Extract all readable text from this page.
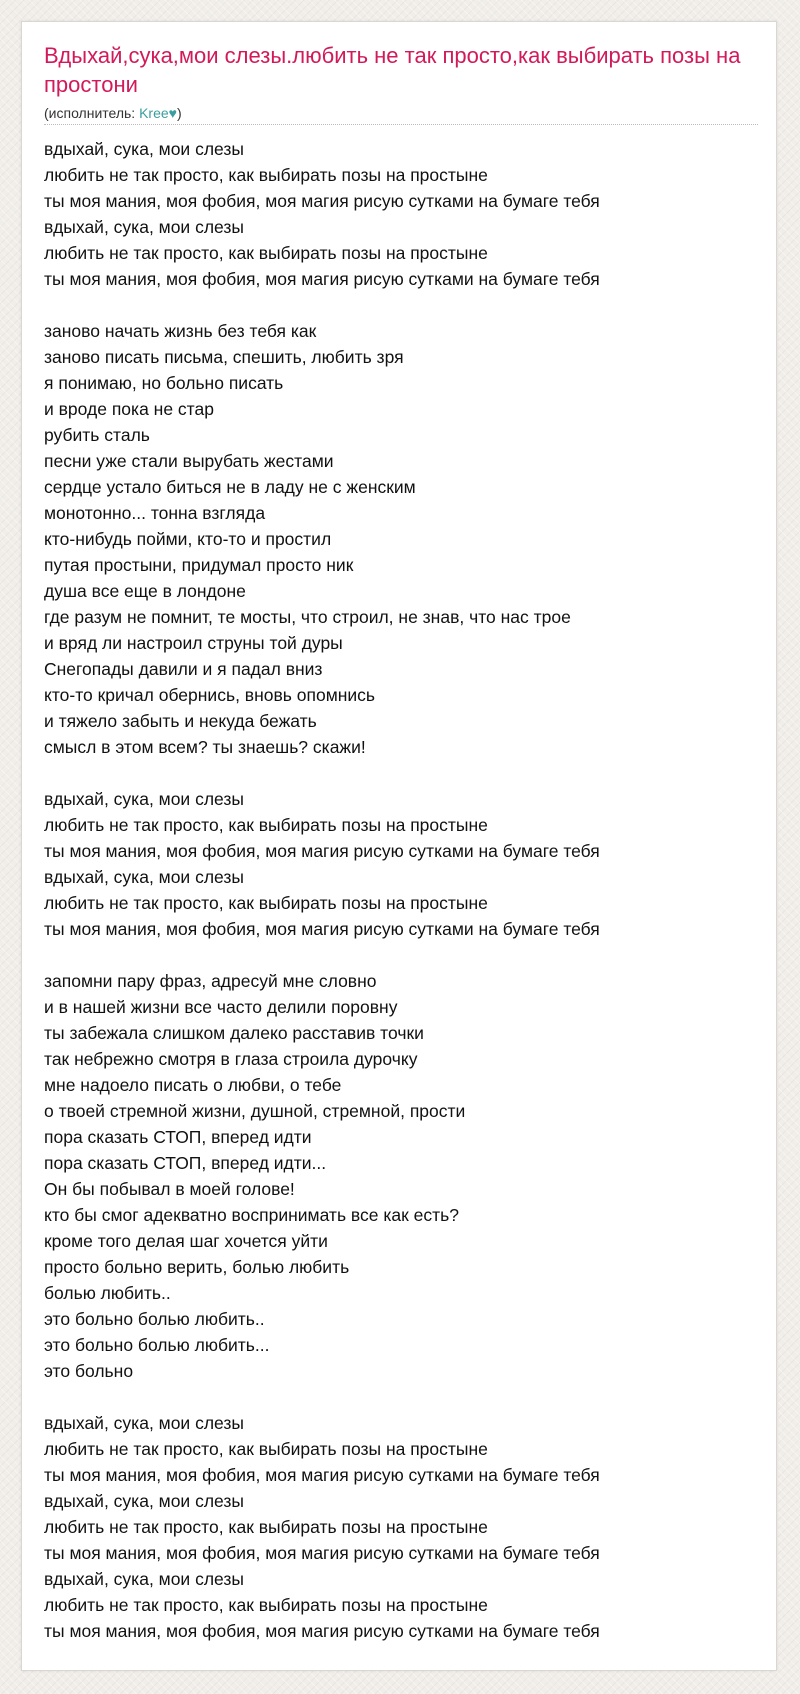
Вдыхай,сука,мои слезы.любить не так просто,как выбирать позы на простони
(исполнитель: Kree♥)
вдыхай, сука, мои слезы
любить не так просто, как выбирать позы на простыне
ты моя мания, моя фобия, моя магия рисую сутками на бумаге тебя
вдыхай, сука, мои слезы
любить не так просто, как выбирать позы на простыне
ты моя мания, моя фобия, моя магия рисую сутками на бумаге тебя
заново начать жизнь без тебя как
заново писать письма, спешить, любить зря
я понимаю, но больно писать
и вроде пока не стар
рубить сталь
песни уже стали вырубать жестами
сердце устало биться не в ладу не с женским
монотонно... тонна взгляда
кто-нибудь пойми, кто-то и простил
путая простыни, придумал просто ник
душа все еще в лондоне
где разум не помнит, те мосты, что строил, не знав, что нас трое
и вряд ли настроил струны той дуры
Снегопады давили и я падал вниз
кто-то кричал обернись, вновь опомнись
и тяжело забыть и некуда бежать
смысл в этом всем? ты знаешь? скажи!
вдыхай, сука, мои слезы
любить не так просто, как выбирать позы на простыне
ты моя мания, моя фобия, моя магия рисую сутками на бумаге тебя
вдыхай, сука, мои слезы
любить не так просто, как выбирать позы на простыне
ты моя мания, моя фобия, моя магия рисую сутками на бумаге тебя
запомни пару фраз, адресуй мне словно
и в нашей жизни все часто делили поровну
ты забежала слишком далеко расставив точки
так небрежно смотря в глаза строила дурочку
мне надоело писать о любви, о тебе
о твоей стремной жизни, душной, стремной, прости
пора сказать СТОП, вперед идти
пора сказать СТОП, вперед идти...
Он бы побывал в моей голове!
кто бы смог адекватно воспринимать все как есть?
кроме того делая шаг хочется уйти
просто больно верить, болью любить
болью любить..
это больно болью любить..
это больно болью любить...
это больно
вдыхай, сука, мои слезы
любить не так просто, как выбирать позы на простыне
ты моя мания, моя фобия, моя магия рисую сутками на бумаге тебя
вдыхай, сука, мои слезы
любить не так просто, как выбирать позы на простыне
ты моя мания, моя фобия, моя магия рисую сутками на бумаге тебя
вдыхай, сука, мои слезы
любить не так просто, как выбирать позы на простыне
ты моя мания, моя фобия, моя магия рисую сутками на бумаге тебя
